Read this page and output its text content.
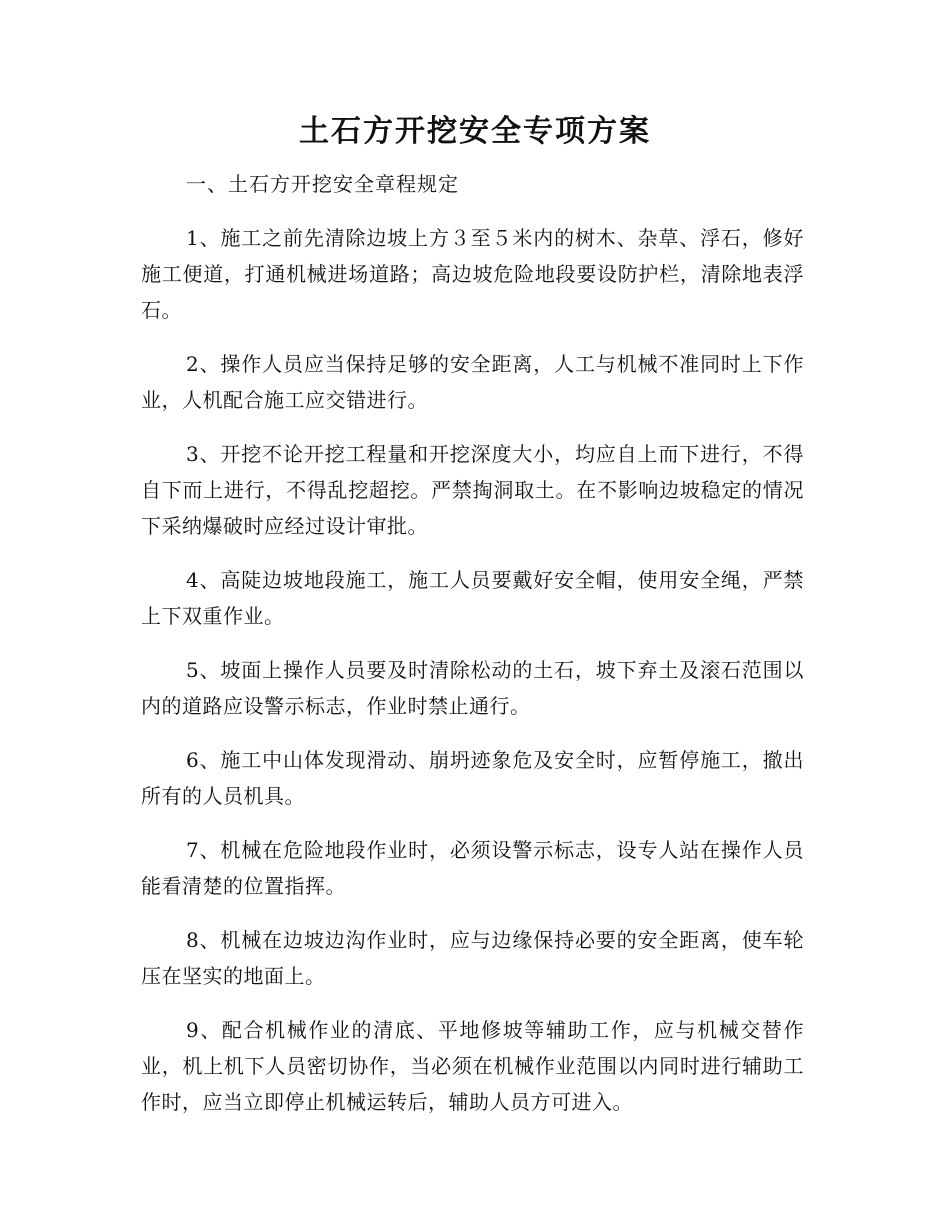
土石方开挖安全专项方案
一、土石方开挖安全章程规定

1、施工之前先清除边坡上方３至５米内的树木、杂草、浮石，修好施工便道，打通机械进场道路；高边坡危险地段要设防护栏，清除地表浮石。

2、操作人员应当保持足够的安全距离，人工与机械不准同时上下作业，人机配合施工应交错进行。

3、开挖不论开挖工程量和开挖深度大小，均应自上而下进行，不得自下而上进行，不得乱挖超挖。严禁掏洞取土。在不影响边坡稳定的情况下采纳爆破时应经过设计审批。

4、高陡边坡地段施工，施工人员要戴好安全帽，使用安全绳，严禁上下双重作业。

5、坡面上操作人员要及时清除松动的土石，坡下弃土及滚石范围以内的道路应设警示标志，作业时禁止通行。

6、施工中山体发现滑动、崩坍迹象危及安全时，应暂停施工，撤出所有的人员机具。

7、机械在危险地段作业时，必须设警示标志，设专人站在操作人员能看清楚的位置指挥。

8、机械在边坡边沟作业时，应与边缘保持必要的安全距离，使车轮压在坚实的地面上。

9、配合机械作业的清底、平地修坡等辅助工作，应与机械交替作业，机上机下人员密切协作，当必须在机械作业范围以内同时进行辅助工作时，应当立即停止机械运转后，辅助人员方可进入。
